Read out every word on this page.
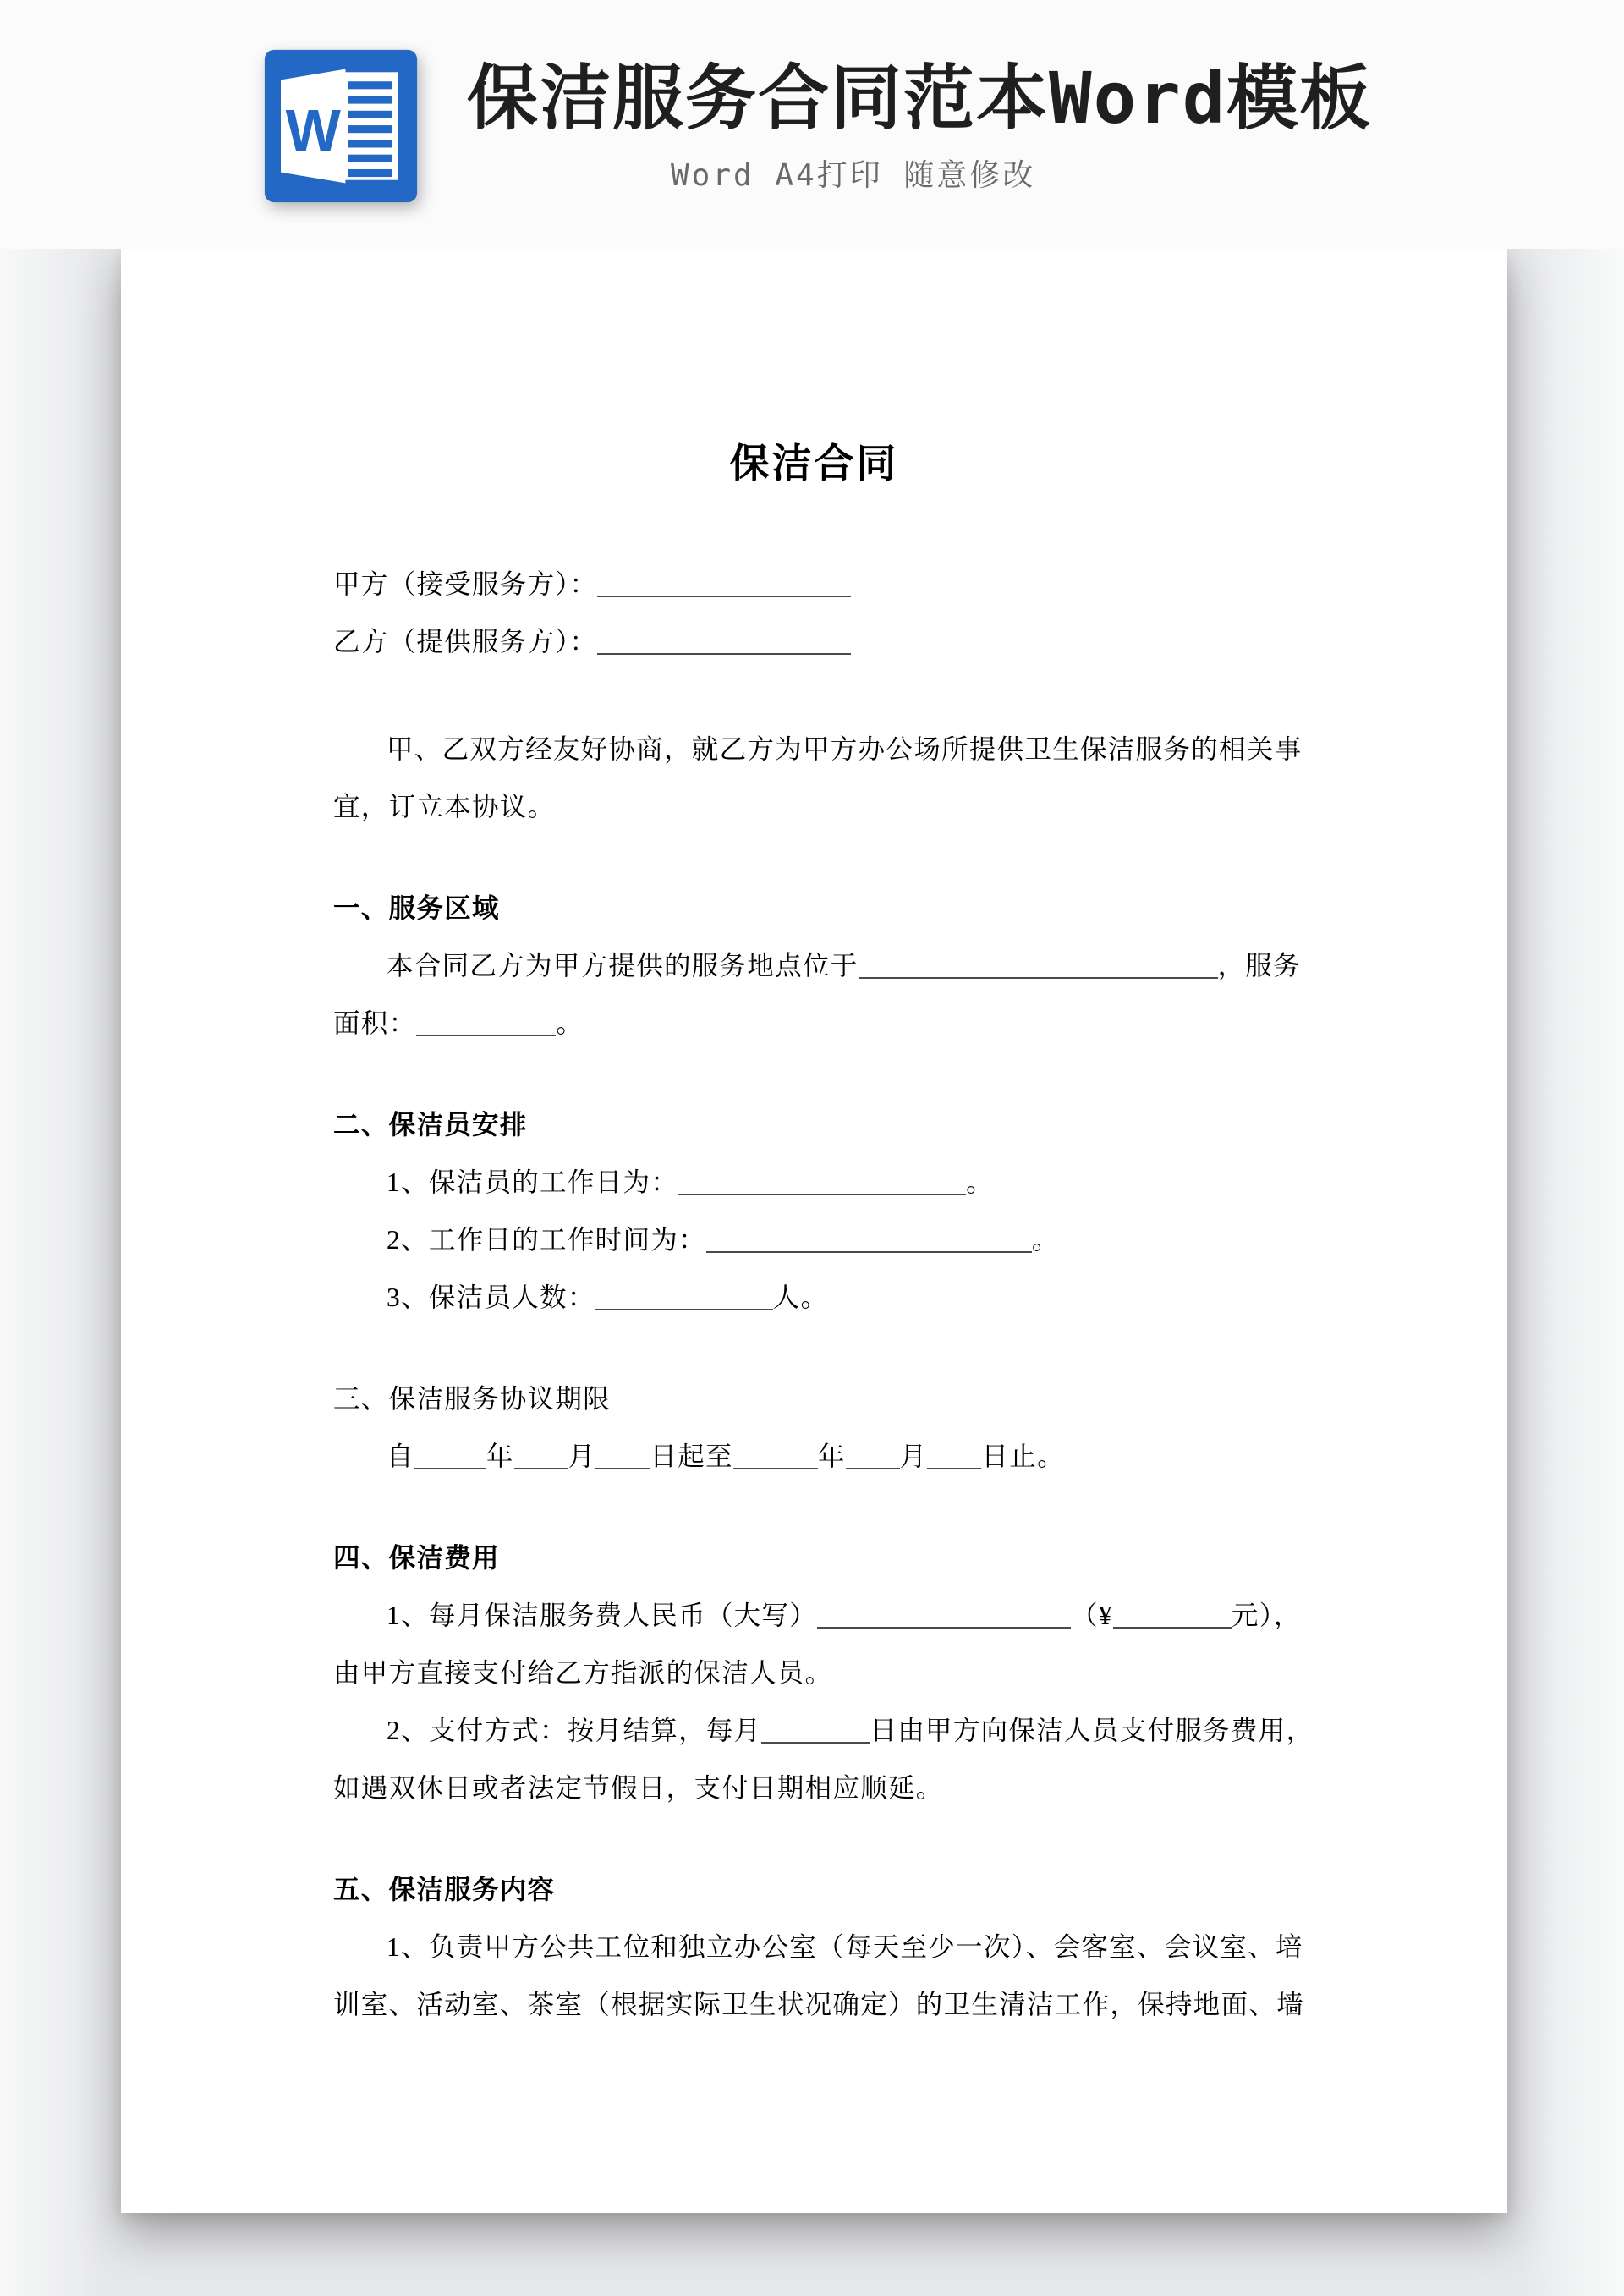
W 保洁服务合同范本Word模板
Word A4打印 随意修改
保洁合同
甲方（接受服务方）：
乙方（提供服务方）：
甲、乙双方经友好协商，就乙方为甲方办公场所提供卫生保洁服务的相关事
宜，订立本协议。
一、服务区域
本合同乙方为甲方提供的服务地点位于	，服务
面积：	。
二、保洁员安排
1、保洁员的工作日为：	。
2、工作日的工作时间为：	。
3、保洁员人数：	人。
三、保洁服务协议期限
自	年 月 日起至	年 月 日止。
四、保洁费用
1、每月保洁服务费人民币（大写）	（¥	元），
由甲方直接支付给乙方指派的保洁人员。
2、支付方式：按月结算，每月	日由甲方向保洁人员支付服务费用，
如遇双休日或者法定节假日，支付日期相应顺延。
五、保洁服务内容
1、负责甲方公共工位和独立办公室（每天至少一次）、会客室、会议室、培
训室、活动室、茶室（根据实际卫生状况确定）的卫生清洁工作，保持地面、墙
